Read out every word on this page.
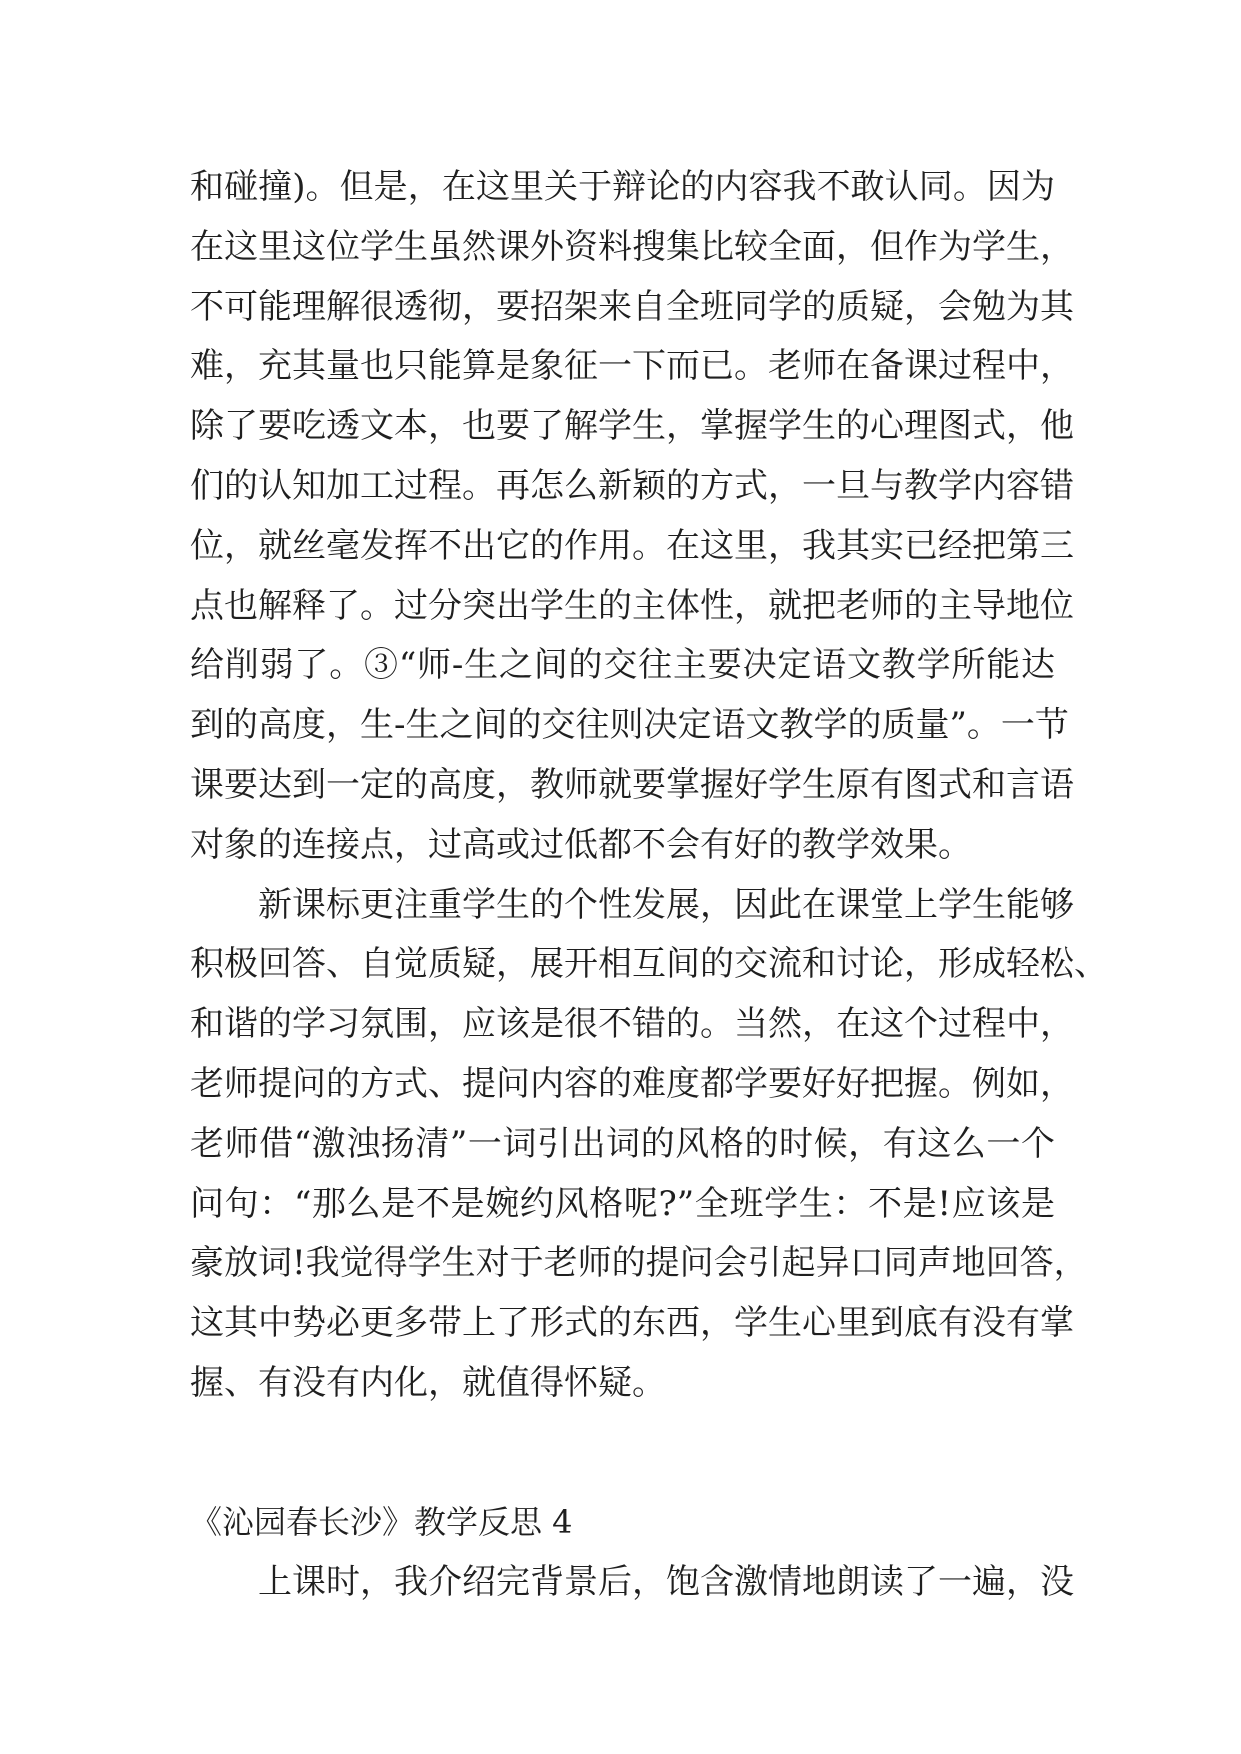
和碰撞)。但是，在这里关于辩论的内容我不敢认同。因为
在这里这位学生虽然课外资料搜集比较全面，但作为学生，
不可能理解很透彻，要招架来自全班同学的质疑，会勉为其
难，充其量也只能算是象征一下而已。老师在备课过程中，
除了要吃透文本，也要了解学生，掌握学生的心理图式，他
们的认知加工过程。再怎么新颖的方式，一旦与教学内容错
位，就丝毫发挥不出它的作用。在这里，我其实已经把第三
点也解释了。过分突出学生的主体性，就把老师的主导地位
给削弱了。③“师-生之间的交往主要决定语文教学所能达
到的高度，生-生之间的交往则决定语文教学的质量”。一节
课要达到一定的高度，教师就要掌握好学生原有图式和言语
对象的连接点，过高或过低都不会有好的教学效果。
新课标更注重学生的个性发展，因此在课堂上学生能够
积极回答、自觉质疑，展开相互间的交流和讨论，形成轻松、
和谐的学习氛围，应该是很不错的。当然，在这个过程中，
老师提问的方式、提问内容的难度都学要好好把握。例如，
老师借“激浊扬清”一词引出词的风格的时候，有这么一个
问句：“那么是不是婉约风格呢?”全班学生：不是!应该是
豪放词!我觉得学生对于老师的提问会引起异口同声地回答，
这其中势必更多带上了形式的东西，学生心里到底有没有掌
握、有没有内化，就值得怀疑。
《沁园春长沙》教学反思 4
上课时，我介绍完背景后，饱含激情地朗读了一遍，没
